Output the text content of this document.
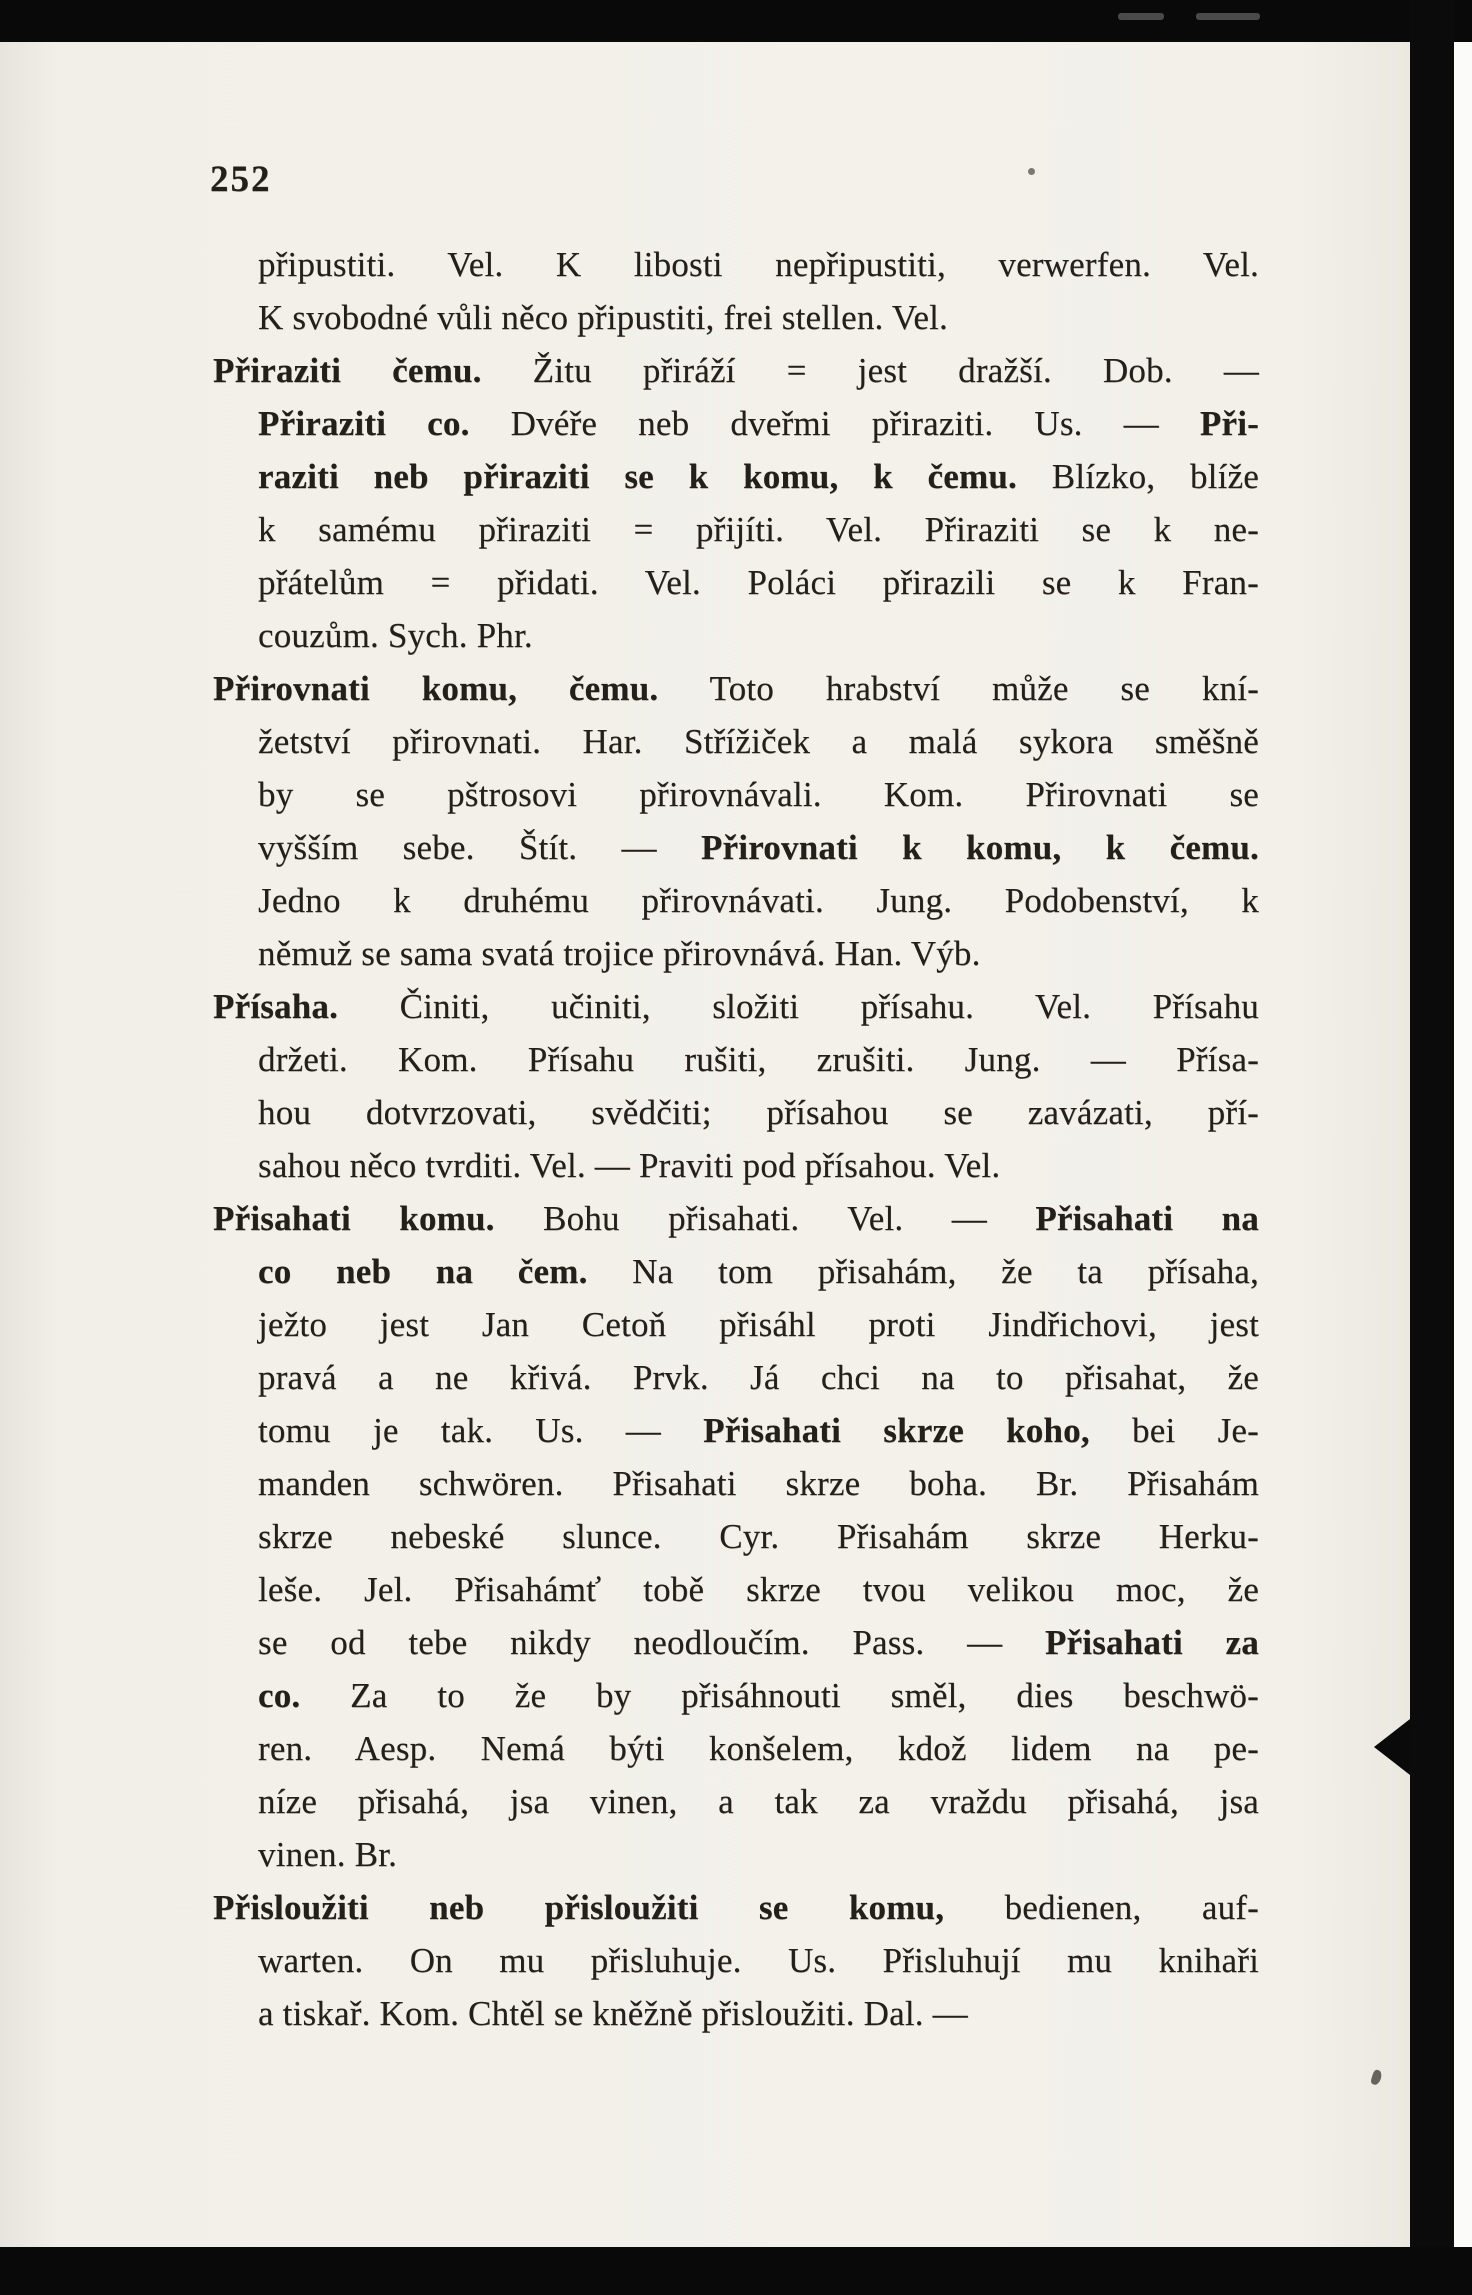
252
připustiti. Vel. K libosti nepřipustiti, verwerfen. Vel.
K svobodné vůli něco připustiti, frei stellen. Vel.
Přiraziti čemu. Žitu přiráží = jest dražší. Dob. —
Přiraziti co. Dvéře neb dveřmi přiraziti. Us. — Při-
raziti neb přiraziti se k komu, k čemu. Blízko, blíže
k samému přiraziti = přijíti. Vel. Přiraziti se k ne-
přátelům = přidati. Vel. Poláci přirazili se k Fran-
couzům. Sych. Phr.
Přirovnati komu, čemu. Toto hrabství může se kní-
žetství přirovnati. Har. Střížiček a malá sykora směšně
by se pštrosovi přirovnávali. Kom. Přirovnati se
vyšším sebe. Štít. — Přirovnati k komu, k čemu.
Jedno k druhému přirovnávati. Jung. Podobenství, k
němuž se sama svatá trojice přirovnává. Han. Výb.
Přísaha. Činiti, učiniti, složiti přísahu. Vel. Přísahu
držeti. Kom. Přísahu rušiti, zrušiti. Jung. — Přísa-
hou dotvrzovati, svědčiti; přísahou se zavázati, pří-
sahou něco tvrditi. Vel. — Praviti pod přísahou. Vel.
Přisahati komu. Bohu přisahati. Vel. — Přisahati na
co neb na čem. Na tom přisahám, že ta přísaha,
ježto jest Jan Cetoň přisáhl proti Jindřichovi, jest
pravá a ne křivá. Prvk. Já chci na to přisahat, že
tomu je tak. Us. — Přisahati skrze koho, bei Je-
manden schwören. Přisahati skrze boha. Br. Přisahám
skrze nebeské slunce. Cyr. Přisahám skrze Herku-
leše. Jel. Přisahámť tobě skrze tvou velikou moc, že
se od tebe nikdy neodloučím. Pass. — Přisahati za
co. Za to že by přisáhnouti směl, dies beschwö-
ren. Aesp. Nemá býti konšelem, kdož lidem na pe-
níze přisahá, jsa vinen, a tak za vraždu přisahá, jsa
vinen. Br.
Přisloužiti neb přisloužiti se komu, bedienen, auf-
warten. On mu přisluhuje. Us. Přisluhují mu knihaři
a tiskař. Kom. Chtěl se kněžně přisloužiti. Dal. —
